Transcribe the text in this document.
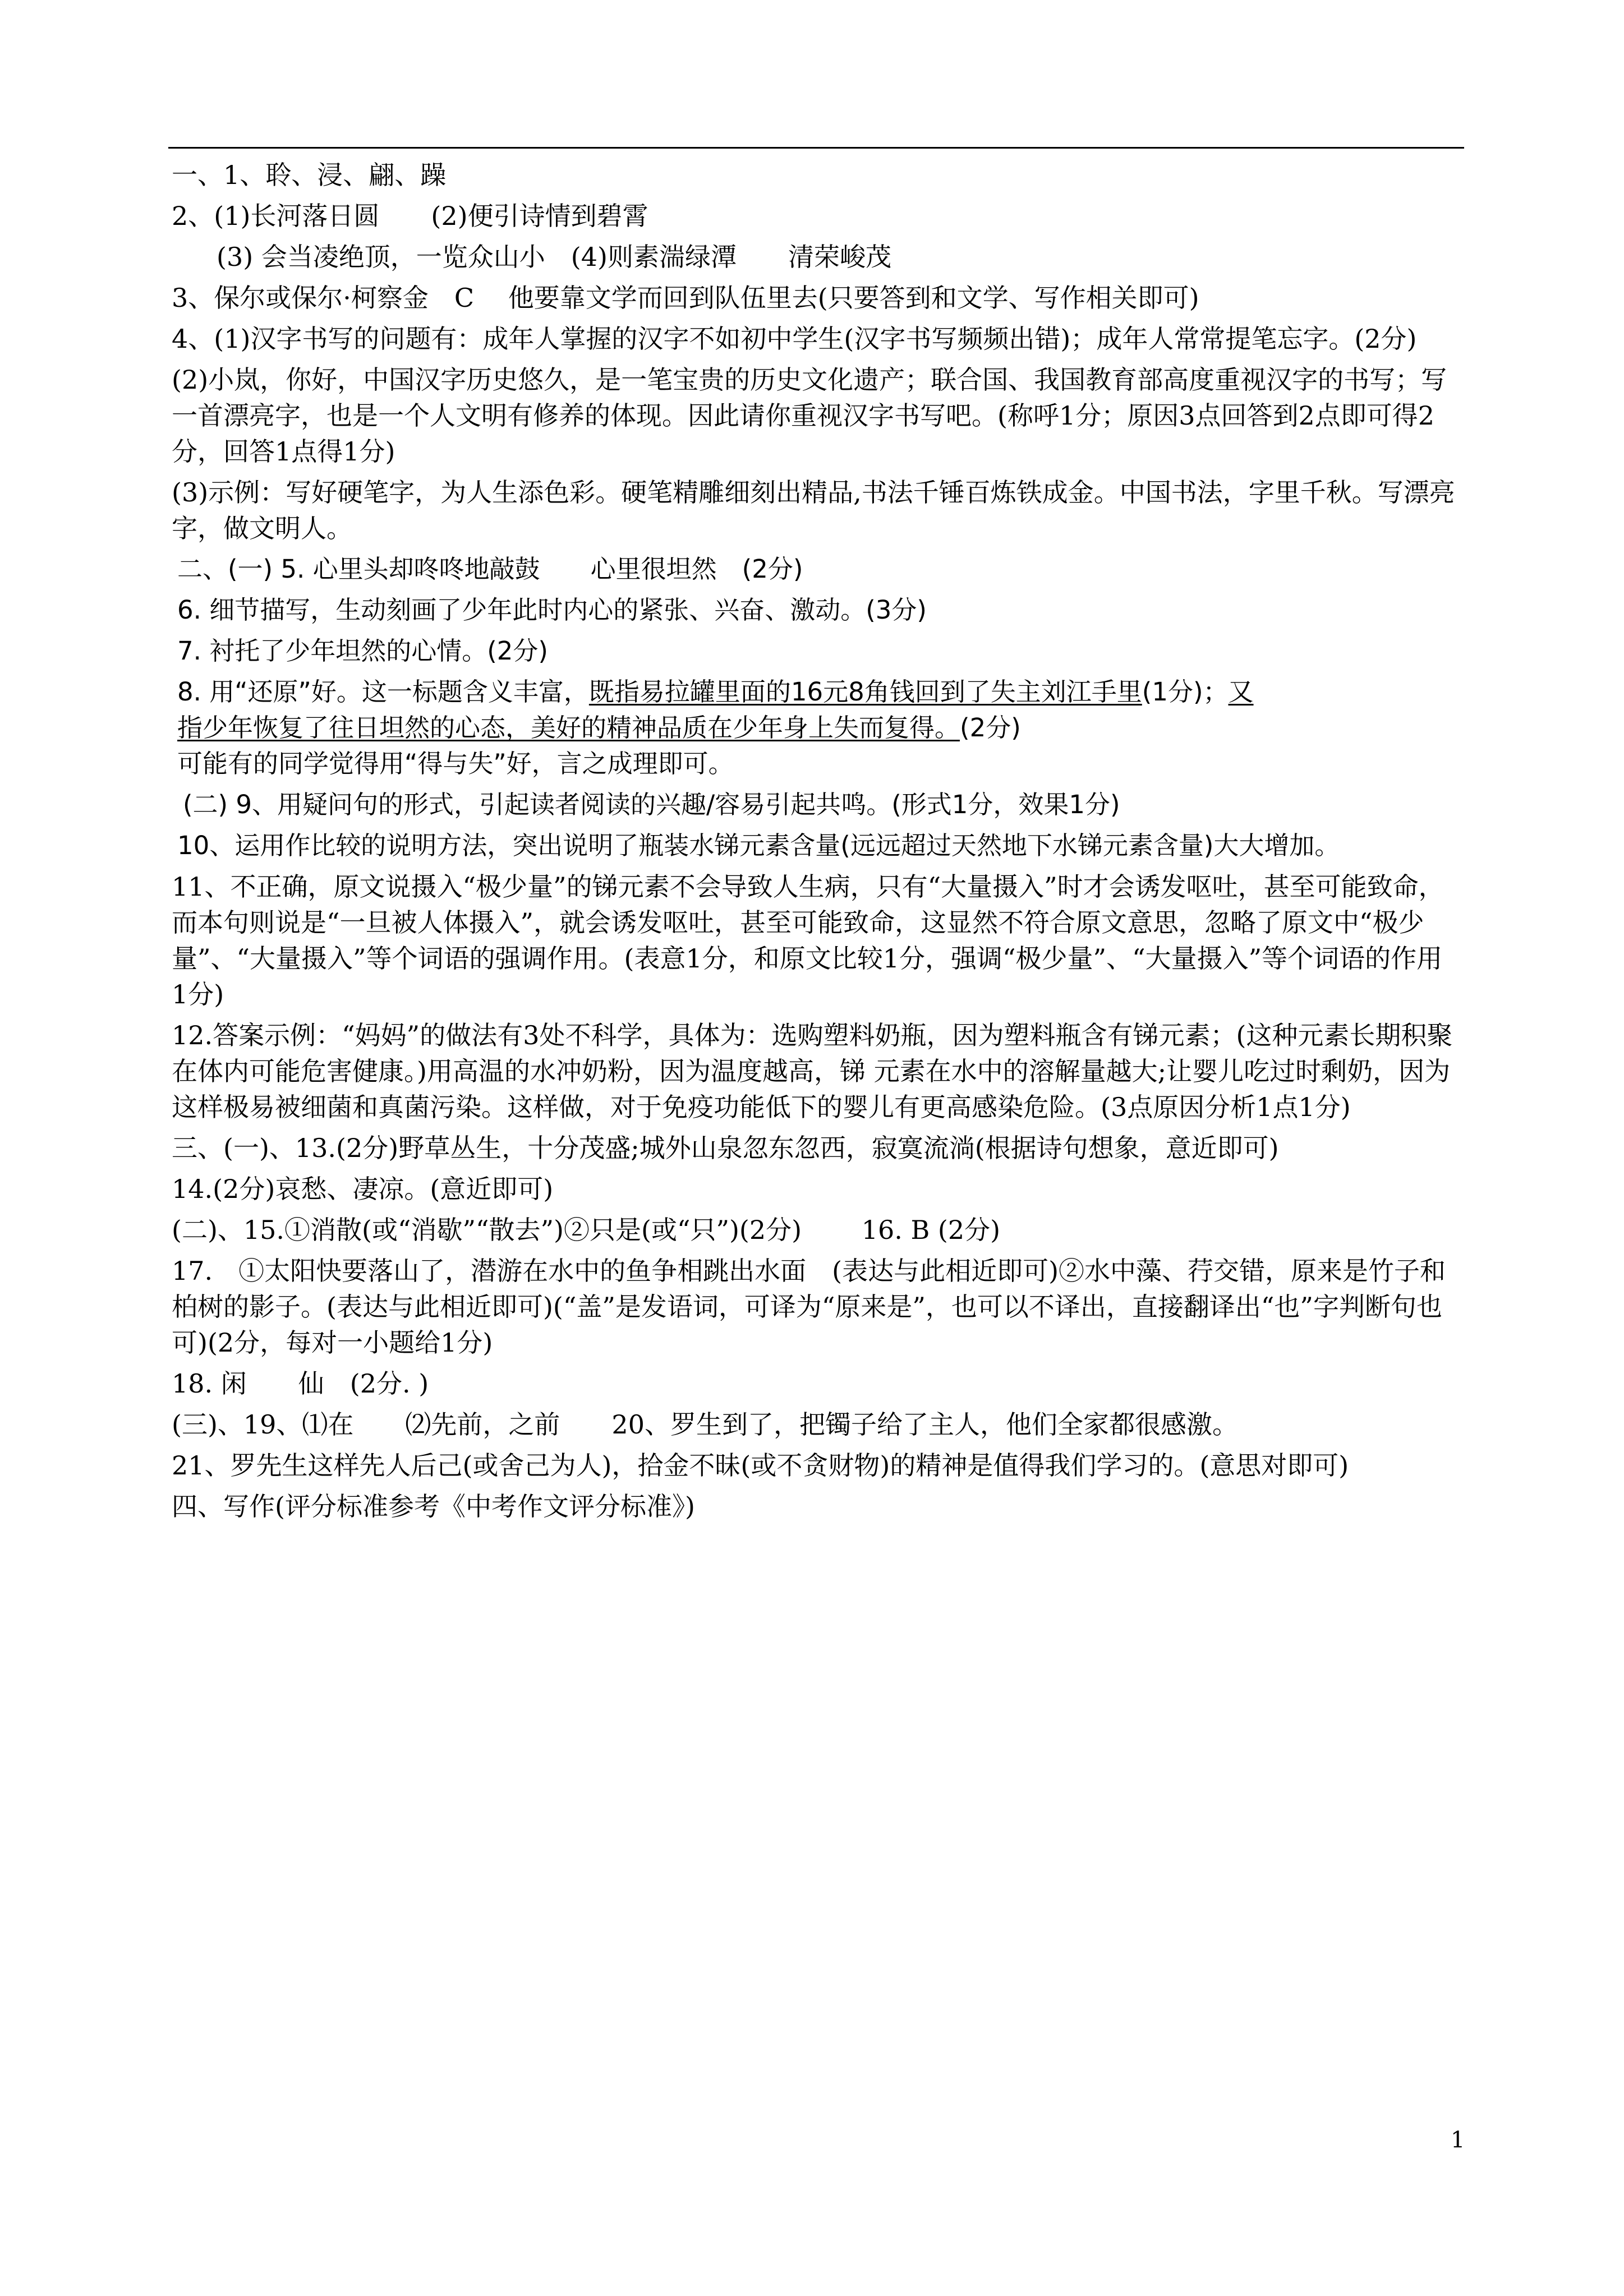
一、1、聆、浸、翩、躁

2、(1)长河落日圆　　(2)便引诗情到碧霄

(3) 会当凌绝顶，一览众山小　(4)则素湍绿潭　　清荣峻茂

3、保尔或保尔·柯察金　C　 他要靠文学而回到队伍里去(只要答到和文学、写作相关即可)

4、(1)汉字书写的问题有：成年人掌握的汉字不如初中学生(汉字书写频频出错)；成年人常常提笔忘字。(2分)

(2)小岚，你好，中国汉字历史悠久，是一笔宝贵的历史文化遗产；联合国、我国教育部高度重视汉字的书写；写一首漂亮字，也是一个人文明有修养的体现。因此请你重视汉字书写吧。(称呼1分；原因3点回答到2点即可得2分，回答1点得1分)

(3)示例：写好硬笔字，为人生添色彩。硬笔精雕细刻出精品,书法千锤百炼铁成金。中国书法，字里千秋。写漂亮字，做文明人。

二、(一) 5. 心里头却咚咚地敲鼓　　心里很坦然　(2分)

6. 细节描写，生动刻画了少年此时内心的紧张、兴奋、激动。(3分)

7. 衬托了少年坦然的心情。(2分)

8. 用“还原”好。这一标题含义丰富，既指易拉罐里面的16元8角钱回到了失主刘江手里(1分)；又

指少年恢复了往日坦然的心态，美好的精神品质在少年身上失而复得。(2分)

可能有的同学觉得用“得与失”好，言之成理即可。

(二) 9、用疑问句的形式，引起读者阅读的兴趣/容易引起共鸣。(形式1分，效果1分)

10、运用作比较的说明方法，突出说明了瓶装水锑元素含量(远远超过天然地下水锑元素含量)大大增加。

11、不正确，原文说摄入“极少量”的锑元素不会导致人生病，只有“大量摄入”时才会诱发呕吐，甚至可能致命，而本句则说是“一旦被人体摄入”，就会诱发呕吐，甚至可能致命，这显然不符合原文意思，忽略了原文中“极少量”、“大量摄入”等个词语的强调作用。(表意1分，和原文比较1分，强调“极少量”、“大量摄入”等个词语的作用1分)

12.答案示例：“妈妈”的做法有3处不科学，具体为：选购塑料奶瓶，因为塑料瓶含有锑元素；(这种元素长期积聚在体内可能危害健康。)用高温的水冲奶粉，因为温度越高，锑 元素在水中的溶解量越大;让婴儿吃过时剩奶，因为这样极易被细菌和真菌污染。这样做，对于免疫功能低下的婴儿有更高感染危险。(3点原因分析1点1分)

三、(一)、13.(2分)野草丛生，十分茂盛;城外山泉忽东忽西，寂寞流淌(根据诗句想象，意近即可)

14.(2分)哀愁、凄凉。(意近即可)

(二)、15.①消散(或“消歇”“散去”)②只是(或“只”)(2分)　　 16. B (2分)

17.　①太阳快要落山了，潜游在水中的鱼争相跳出水面　(表达与此相近即可)②水中藻、荇交错，原来是竹子和柏树的影子。(表达与此相近即可)(“盖”是发语词，可译为“原来是”，也可以不译出，直接翻译出“也”字判断句也可)(2分，每对一小题给1分)

18. 闲　　仙　(2分. )

(三)、19、⑴在　　⑵先前，之前　　20、罗生到了，把镯子给了主人，他们全家都很感激。

21、罗先生这样先人后己(或舍己为人)，拾金不昧(或不贪财物)的精神是值得我们学习的。(意思对即可)

四、写作(评分标准参考《中考作文评分标准》)

1
